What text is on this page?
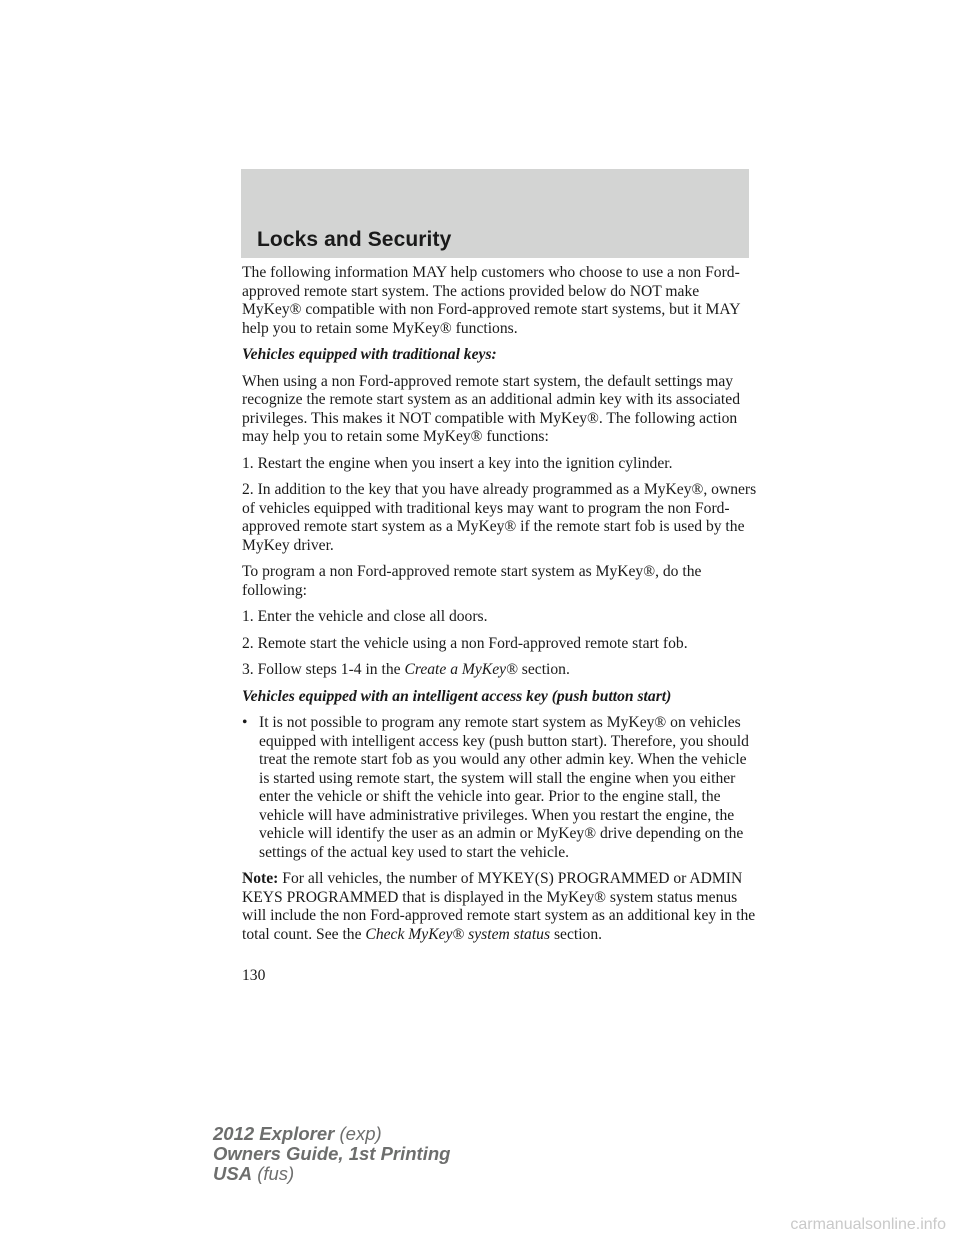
Locks and Security

The following information MAY help customers who choose to use a non Ford-approved remote start system. The actions provided below do NOT make MyKey® compatible with non Ford-approved remote start systems, but it MAY help you to retain some MyKey® functions.

Vehicles equipped with traditional keys:

When using a non Ford-approved remote start system, the default settings may recognize the remote start system as an additional admin key with its associated privileges. This makes it NOT compatible with MyKey®. The following action may help you to retain some MyKey® functions:

1. Restart the engine when you insert a key into the ignition cylinder.

2. In addition to the key that you have already programmed as a MyKey®, owners of vehicles equipped with traditional keys may want to program the non Ford-approved remote start system as a MyKey® if the remote start fob is used by the MyKey driver.

To program a non Ford-approved remote start system as MyKey®, do the following:

1. Enter the vehicle and close all doors.

2. Remote start the vehicle using a non Ford-approved remote start fob.

3. Follow steps 1-4 in the Create a MyKey® section.

Vehicles equipped with an intelligent access key (push button start)

• It is not possible to program any remote start system as MyKey® on vehicles equipped with intelligent access key (push button start). Therefore, you should treat the remote start fob as you would any other admin key. When the vehicle is started using remote start, the system will stall the engine when you either enter the vehicle or shift the vehicle into gear. Prior to the engine stall, the vehicle will have administrative privileges. When you restart the engine, the vehicle will identify the user as an admin or MyKey® drive depending on the settings of the actual key used to start the vehicle.

Note: For all vehicles, the number of MYKEY(S) PROGRAMMED or ADMIN KEYS PROGRAMMED that is displayed in the MyKey® system status menus will include the non Ford-approved remote start system as an additional key in the total count. See the Check MyKey® system status section.

130
2012 Explorer (exp)
Owners Guide, 1st Printing
USA (fus)
carmanualsonline.info
